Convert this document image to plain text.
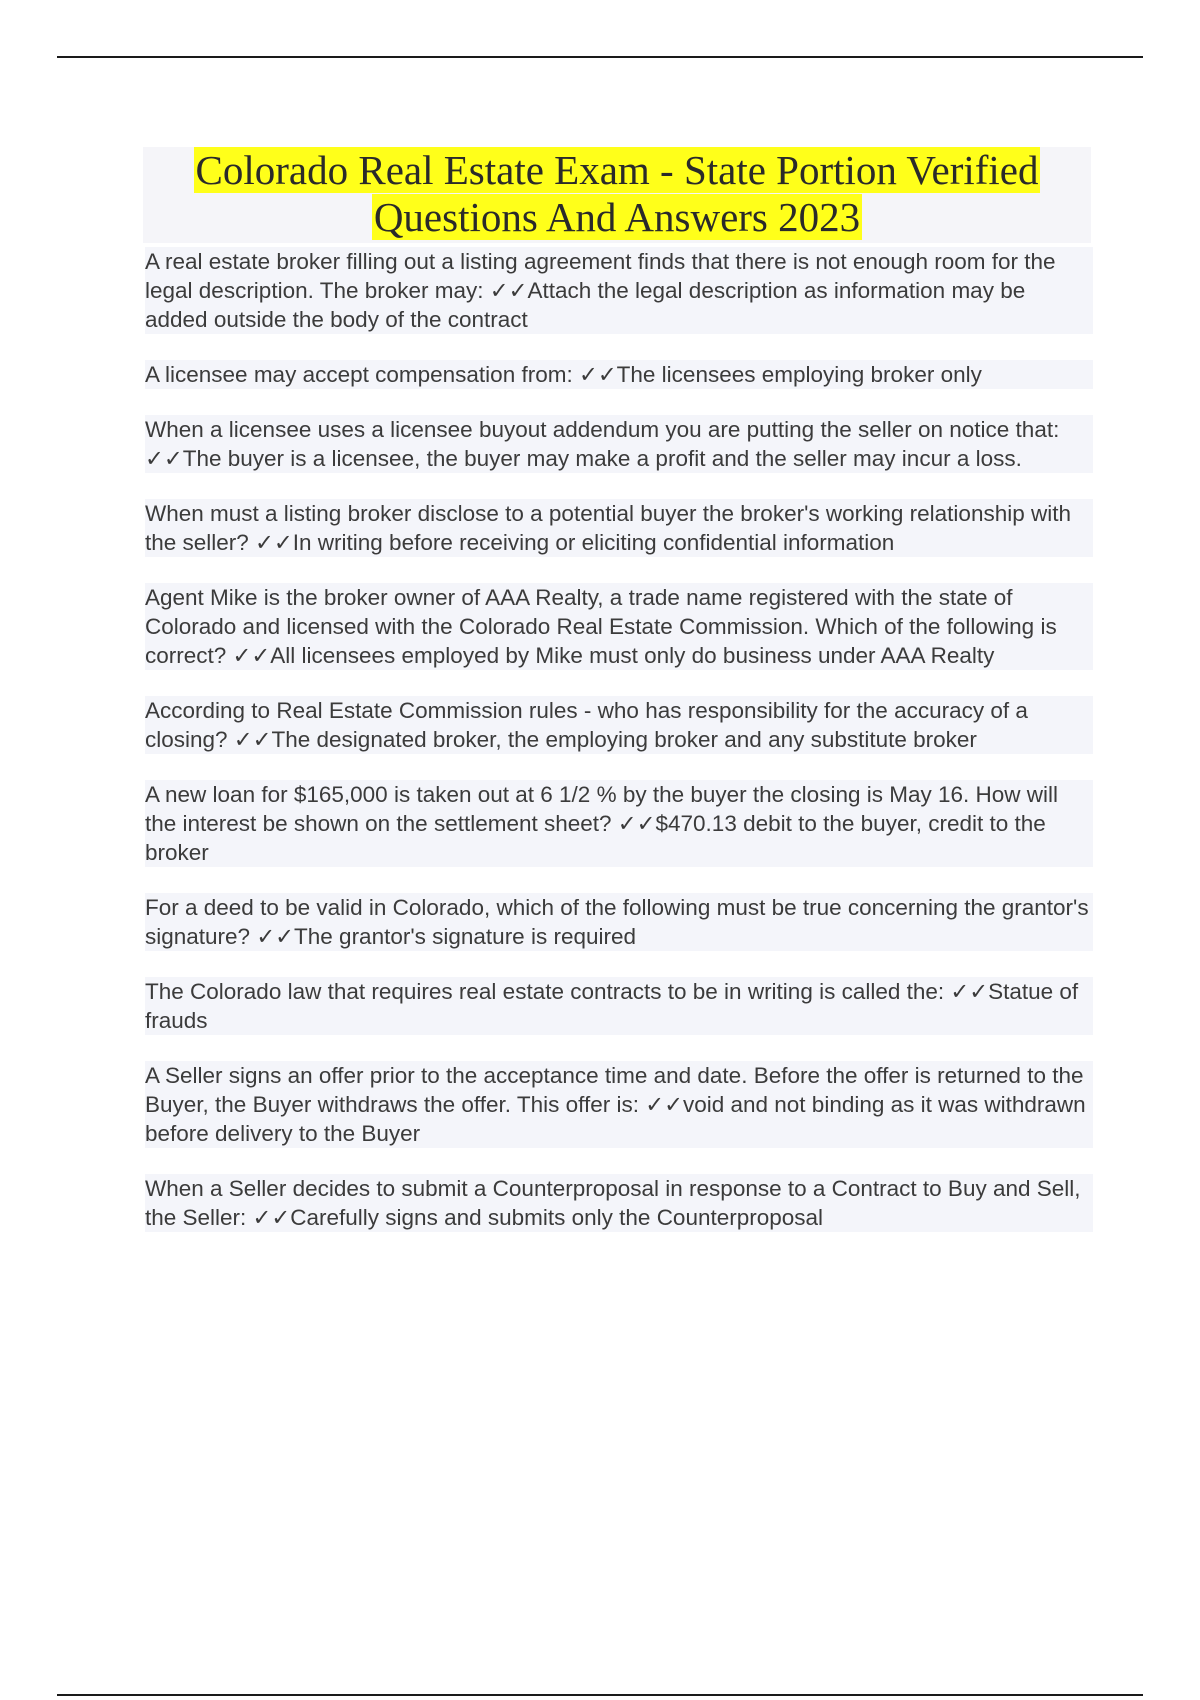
Colorado Real Estate Exam - State Portion Verified
Questions And Answers 2023
A real estate broker filling out a listing agreement finds that there is not enough room for the legal description. The broker may: ✓✓Attach the legal description as information may be added outside the body of the contract
A licensee may accept compensation from: ✓✓The licensees employing broker only
When a licensee uses a licensee buyout addendum you are putting the seller on notice that: ✓✓The buyer is a licensee, the buyer may make a profit and the seller may incur a loss.
When must a listing broker disclose to a potential buyer the broker's working relationship with the seller? ✓✓In writing before receiving or eliciting confidential information
Agent Mike is the broker owner of AAA Realty, a trade name registered with the state of Colorado and licensed with the Colorado Real Estate Commission. Which of the following is correct? ✓✓All licensees employed by Mike must only do business under AAA Realty
According to Real Estate Commission rules - who has responsibility for the accuracy of a closing? ✓✓The designated broker, the employing broker and any substitute broker
A new loan for $165,000 is taken out at 6 1/2 % by the buyer the closing is May 16. How will the interest be shown on the settlement sheet? ✓✓$470.13 debit to the buyer, credit to the broker
For a deed to be valid in Colorado, which of the following must be true concerning the grantor's signature? ✓✓The grantor's signature is required
The Colorado law that requires real estate contracts to be in writing is called the: ✓✓Statue of frauds
A Seller signs an offer prior to the acceptance time and date. Before the offer is returned to the Buyer, the Buyer withdraws the offer. This offer is: ✓✓void and not binding as it was withdrawn before delivery to the Buyer
When a Seller decides to submit a Counterproposal in response to a Contract to Buy and Sell, the Seller: ✓✓Carefully signs and submits only the Counterproposal
